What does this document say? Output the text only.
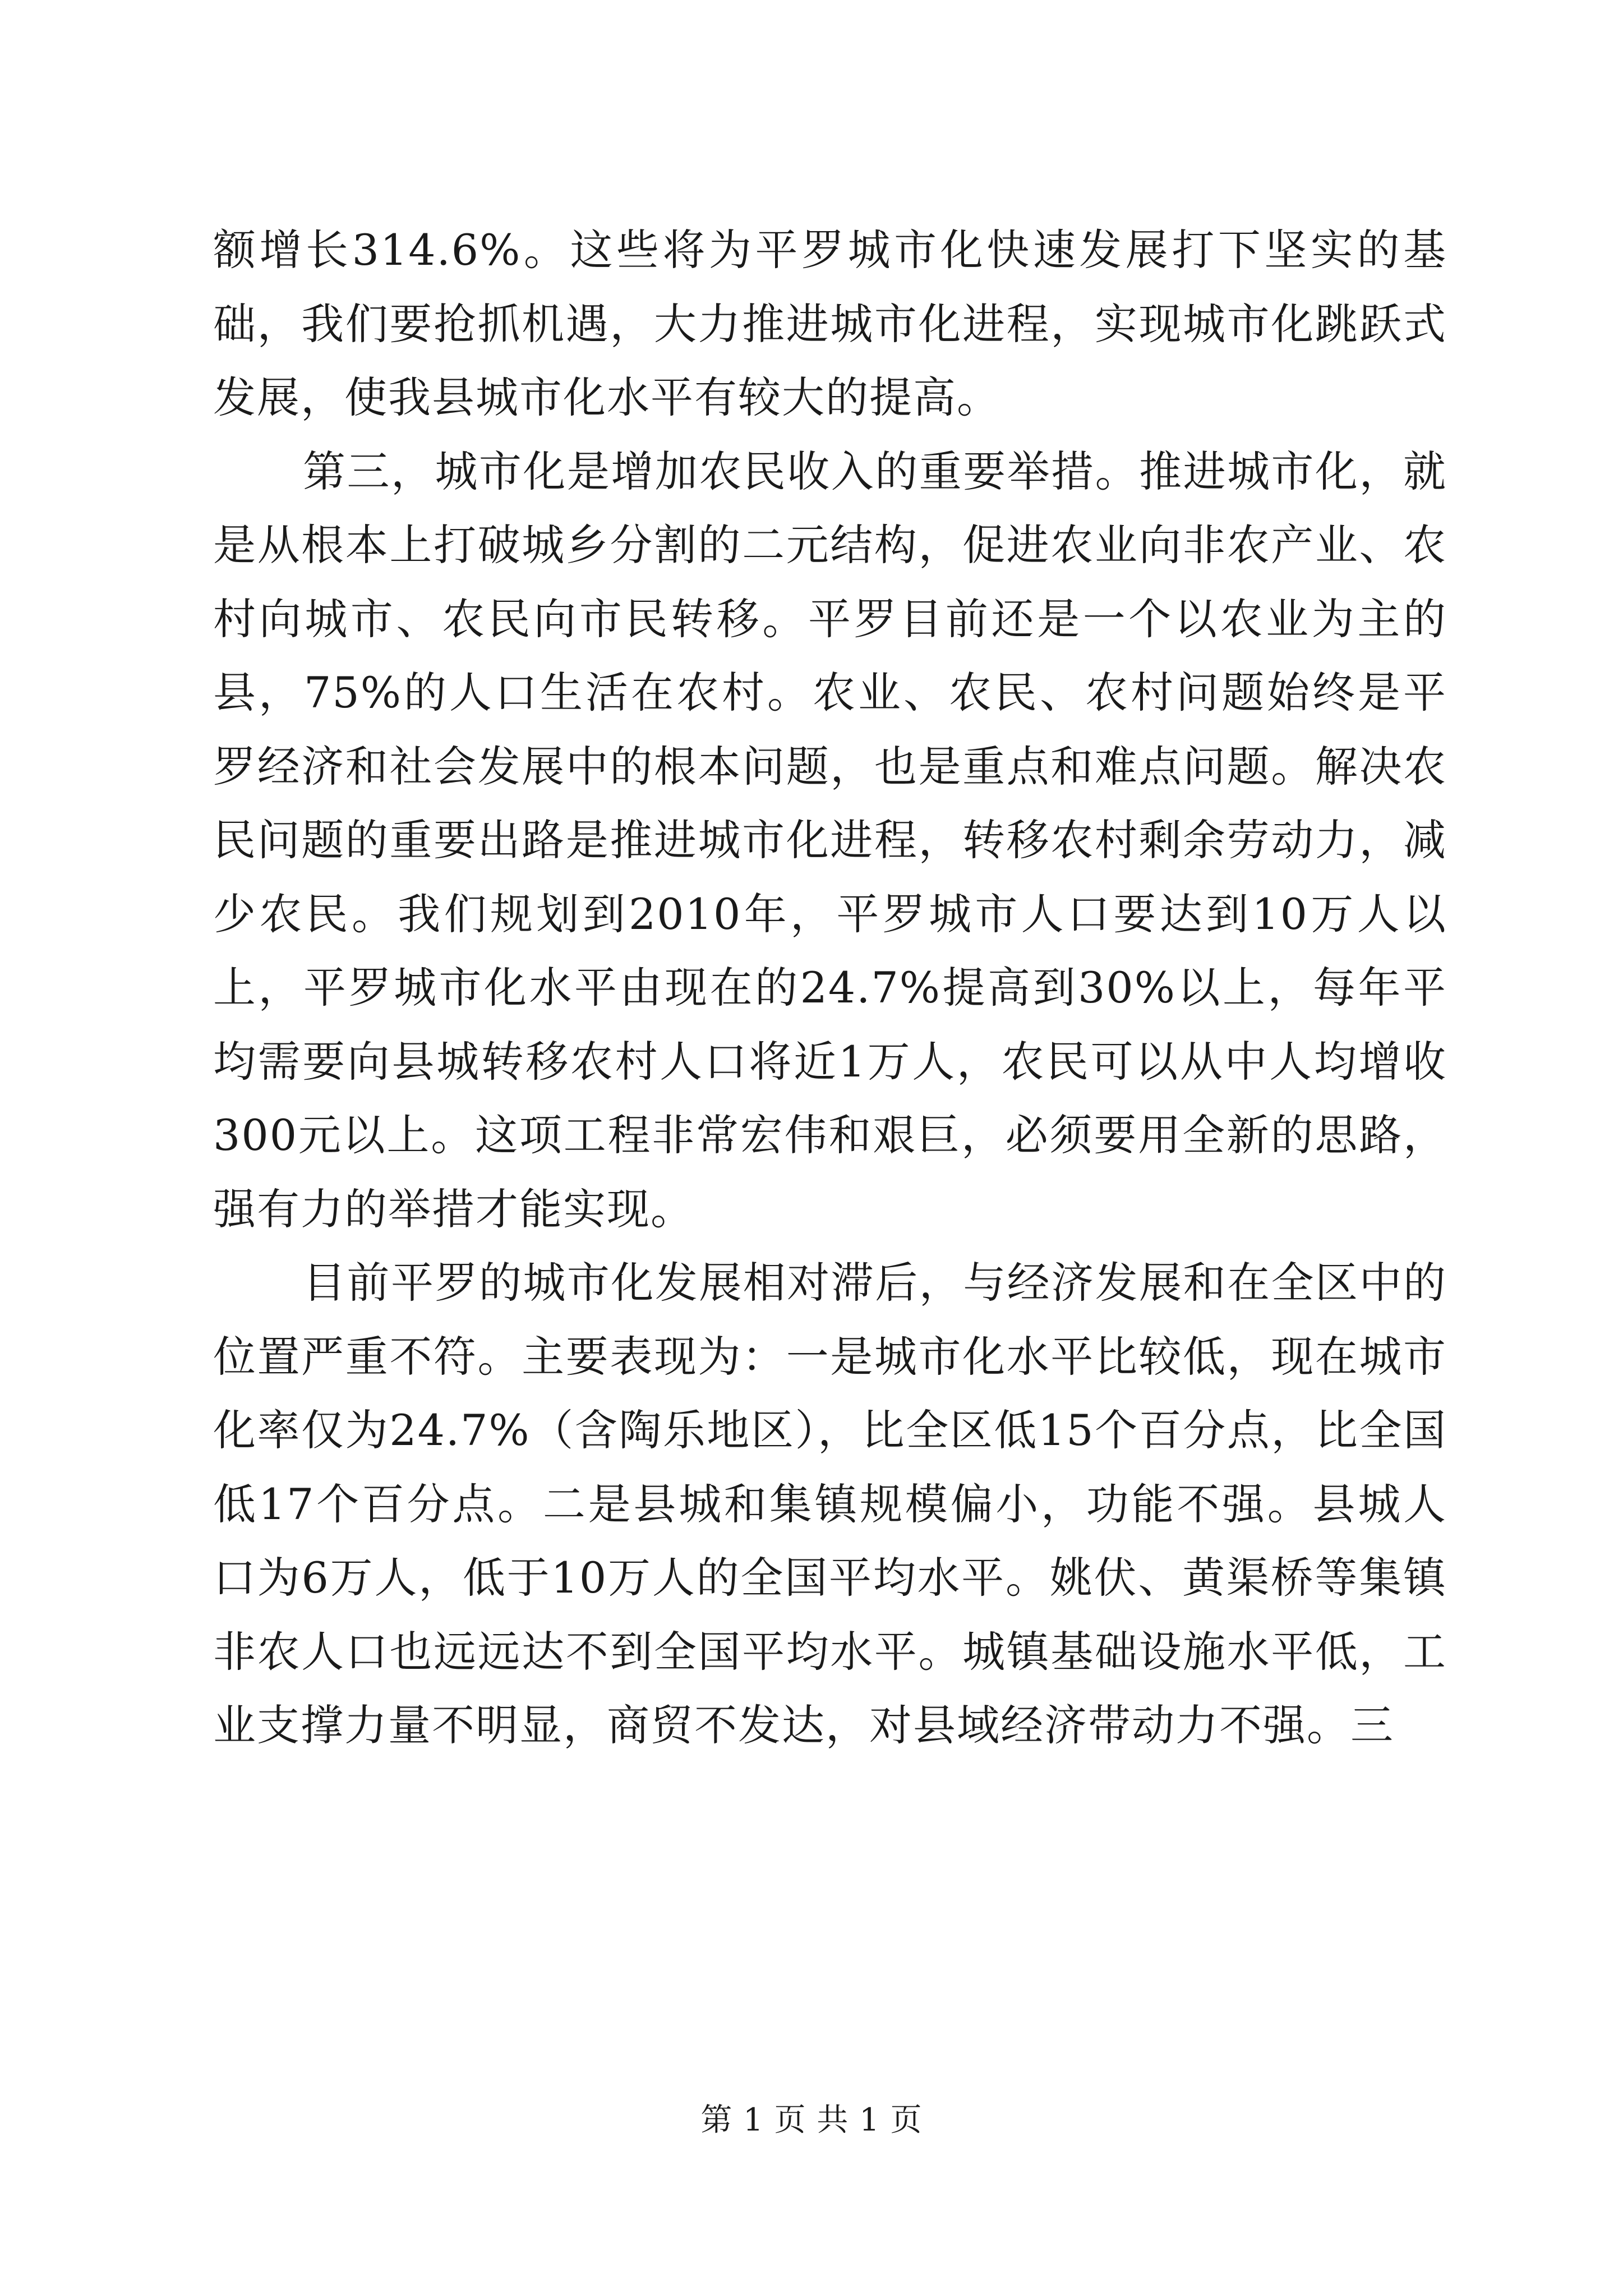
额增长314.6%。这些将为平罗城市化快速发展打下坚实的基础，我们要抢抓机遇，大力推进城市化进程，实现城市化跳跃式发展，使我县城市化水平有较大的提高。

第三，城市化是增加农民收入的重要举措。推进城市化，就是从根本上打破城乡分割的二元结构，促进农业向非农产业、农村向城市、农民向市民转移。平罗目前还是一个以农业为主的县，75%的人口生活在农村。农业、农民、农村问题始终是平罗经济和社会发展中的根本问题，也是重点和难点问题。解决农民问题的重要出路是推进城市化进程，转移农村剩余劳动力，减少农民。我们规划到2010年，平罗城市人口要达到10万人以上，平罗城市化水平由现在的24.7%提高到30%以上，每年平均需要向县城转移农村人口将近1万人，农民可以从中人均增收300元以上。这项工程非常宏伟和艰巨，必须要用全新的思路，强有力的举措才能实现。

目前平罗的城市化发展相对滞后，与经济发展和在全区中的位置严重不符。主要表现为：一是城市化水平比较低，现在城市化率仅为24.7%（含陶乐地区），比全区低15个百分点，比全国低17个百分点。二是县城和集镇规模偏小，功能不强。县城人口为6万人，低于10万人的全国平均水平。姚伏、黄渠桥等集镇非农人口也远远达不到全国平均水平。城镇基础设施水平低，工业支撑力量不明显，商贸不发达，对县域经济带动力不强。三

第 1 页 共 1 页
